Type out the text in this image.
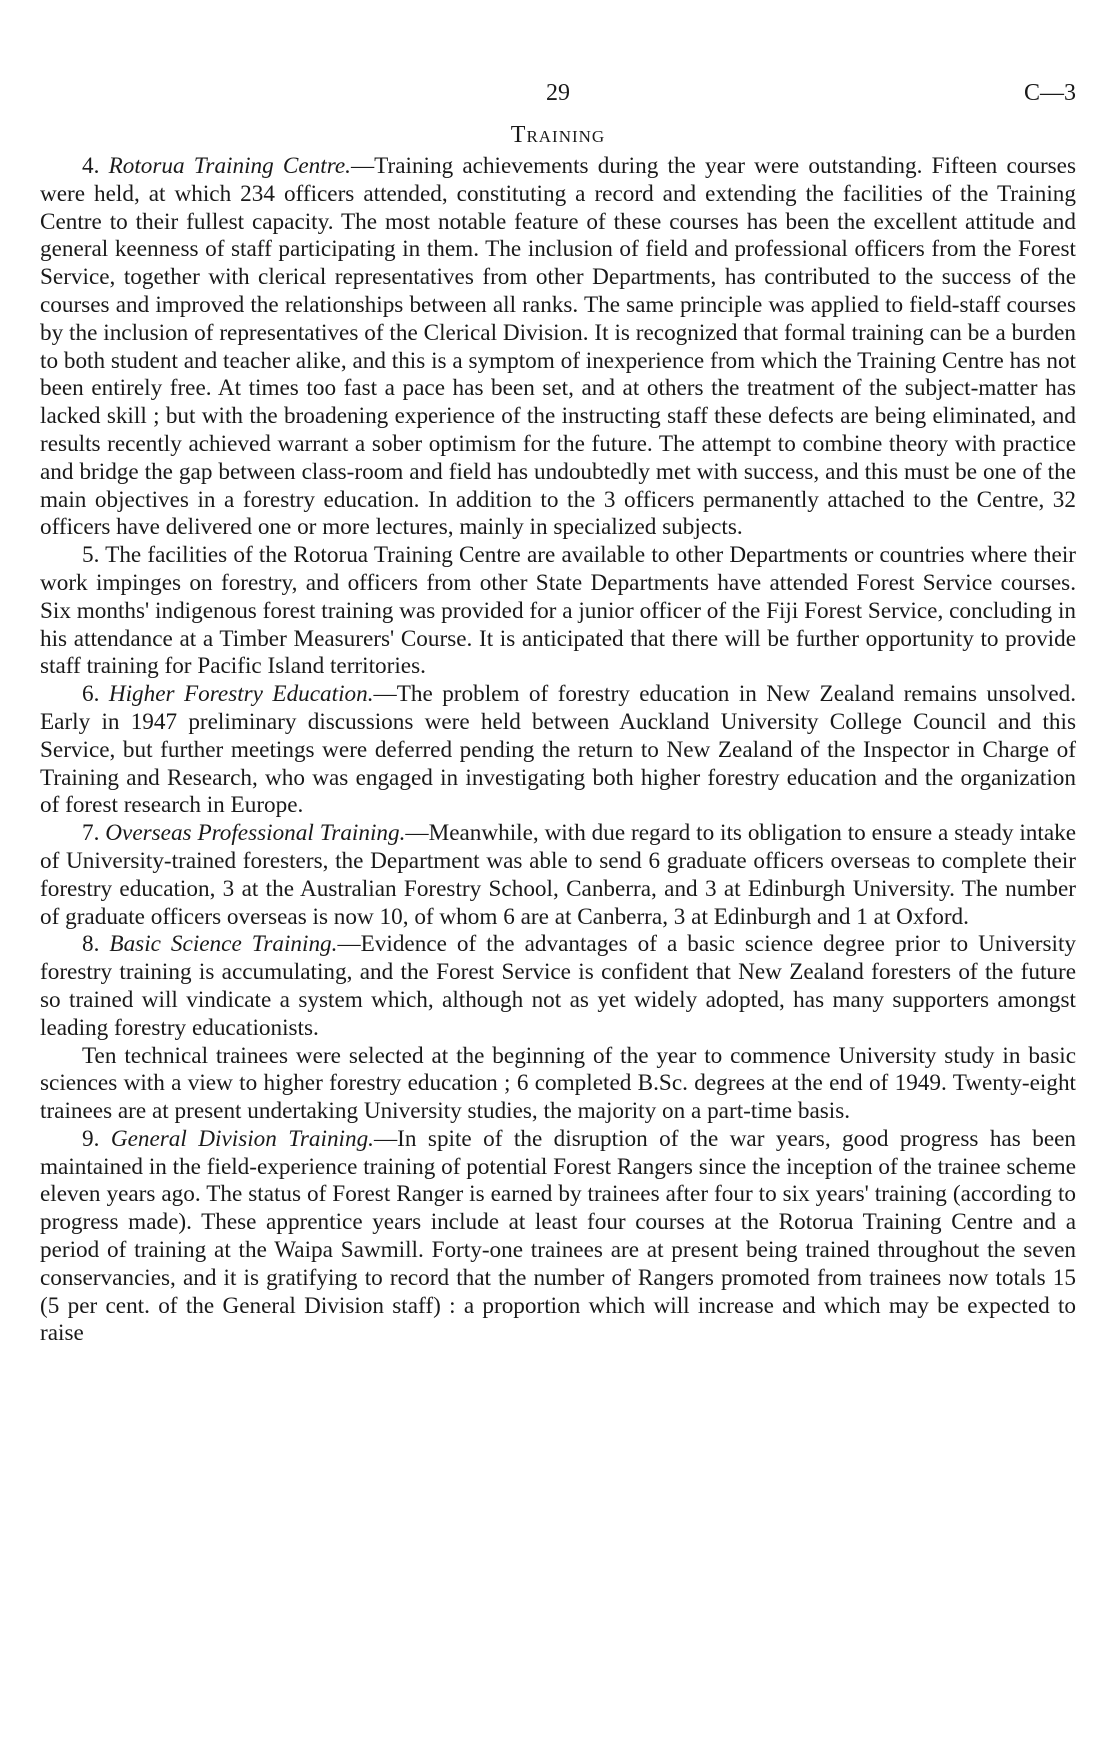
29	C—3
Training

4. Rotorua Training Centre.—Training achievements during the year were outstanding. Fifteen courses were held, at which 234 officers attended, constituting a record and extending the facilities of the Training Centre to their fullest capacity. The most notable feature of these courses has been the excellent attitude and general keenness of staff participating in them. The inclusion of field and professional officers from the Forest Service, together with clerical representatives from other Departments, has contributed to the success of the courses and improved the relationships between all ranks. The same principle was applied to field-staff courses by the inclusion of representatives of the Clerical Division. It is recognized that formal training can be a burden to both student and teacher alike, and this is a symptom of inexperience from which the Training Centre has not been entirely free. At times too fast a pace has been set, and at others the treatment of the subject-matter has lacked skill ; but with the broadening experience of the instructing staff these defects are being eliminated, and results recently achieved warrant a sober optimism for the future. The attempt to combine theory with practice and bridge the gap between class-room and field has undoubtedly met with success, and this must be one of the main objectives in a forestry education. In addition to the 3 officers permanently attached to the Centre, 32 officers have delivered one or more lectures, mainly in specialized subjects.

5. The facilities of the Rotorua Training Centre are available to other Departments or countries where their work impinges on forestry, and officers from other State Departments have attended Forest Service courses. Six months' indigenous forest training was provided for a junior officer of the Fiji Forest Service, concluding in his attendance at a Timber Measurers' Course. It is anticipated that there will be further opportunity to provide staff training for Pacific Island territories.

6. Higher Forestry Education.—The problem of forestry education in New Zealand remains unsolved. Early in 1947 preliminary discussions were held between Auckland University College Council and this Service, but further meetings were deferred pending the return to New Zealand of the Inspector in Charge of Training and Research, who was engaged in investigating both higher forestry education and the organization of forest research in Europe.

7. Overseas Professional Training.—Meanwhile, with due regard to its obligation to ensure a steady intake of University-trained foresters, the Department was able to send 6 graduate officers overseas to complete their forestry education, 3 at the Australian Forestry School, Canberra, and 3 at Edinburgh University. The number of graduate officers overseas is now 10, of whom 6 are at Canberra, 3 at Edinburgh and 1 at Oxford.

8. Basic Science Training.—Evidence of the advantages of a basic science degree prior to University forestry training is accumulating, and the Forest Service is confident that New Zealand foresters of the future so trained will vindicate a system which, although not as yet widely adopted, has many supporters amongst leading forestry educationists.

Ten technical trainees were selected at the beginning of the year to commence University study in basic sciences with a view to higher forestry education ; 6 completed B.Sc. degrees at the end of 1949. Twenty-eight trainees are at present undertaking University studies, the majority on a part-time basis.

9. General Division Training.—In spite of the disruption of the war years, good progress has been maintained in the field-experience training of potential Forest Rangers since the inception of the trainee scheme eleven years ago. The status of Forest Ranger is earned by trainees after four to six years' training (according to progress made). These apprentice years include at least four courses at the Rotorua Training Centre and a period of training at the Waipa Sawmill. Forty-one trainees are at present being trained throughout the seven conservancies, and it is gratifying to record that the number of Rangers promoted from trainees now totals 15 (5 per cent. of the General Division staff) : a proportion which will increase and which may be expected to raise
